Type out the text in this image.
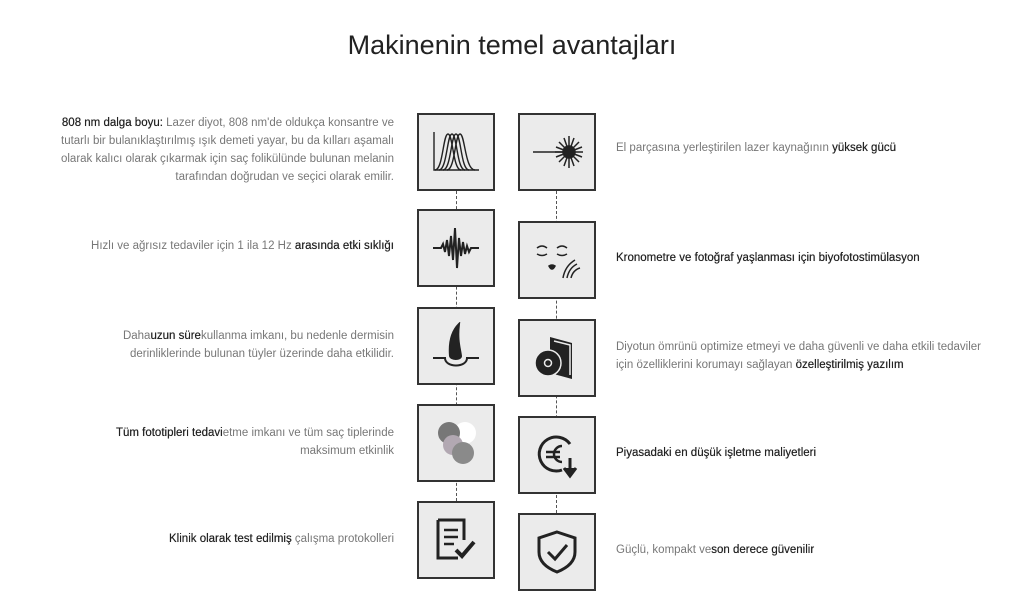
Makinenin temel avantajları
808 nm dalga boyu: Lazer diyot, 808 nm'de oldukça konsantre ve tutarlı bir bulanıklaştırılmış ışık demeti yayar, bu da kılları aşamalı olarak kalıcı olarak çıkarmak için saç folikülünde bulunan melanin tarafından doğrudan ve seçici olarak emilir.
Hızlı ve ağrısız tedaviler için 1 ila 12 Hz arasında etki sıklığı
Dahauzun sürekullanma imkanı, bu nedenle dermisin derinliklerinde bulunan tüyler üzerinde daha etkilidir.
Tüm fototipleri tedavietme imkanı ve tüm saç tiplerinde maksimum etkinlik
Klinik olarak test edilmiş çalışma protokolleri
El parçasına yerleştirilen lazer kaynağının yüksek gücü
Kronometre ve fotoğraf yaşlanması için biyofotostimülasyon
Diyotun ömrünü optimize etmeyi ve daha güvenli ve daha etkili tedaviler için özelliklerini korumayı sağlayan özelleştirilmiş yazılım
Piyasadaki en düşük işletme maliyetleri
Güçlü, kompakt veson derece güvenilir
